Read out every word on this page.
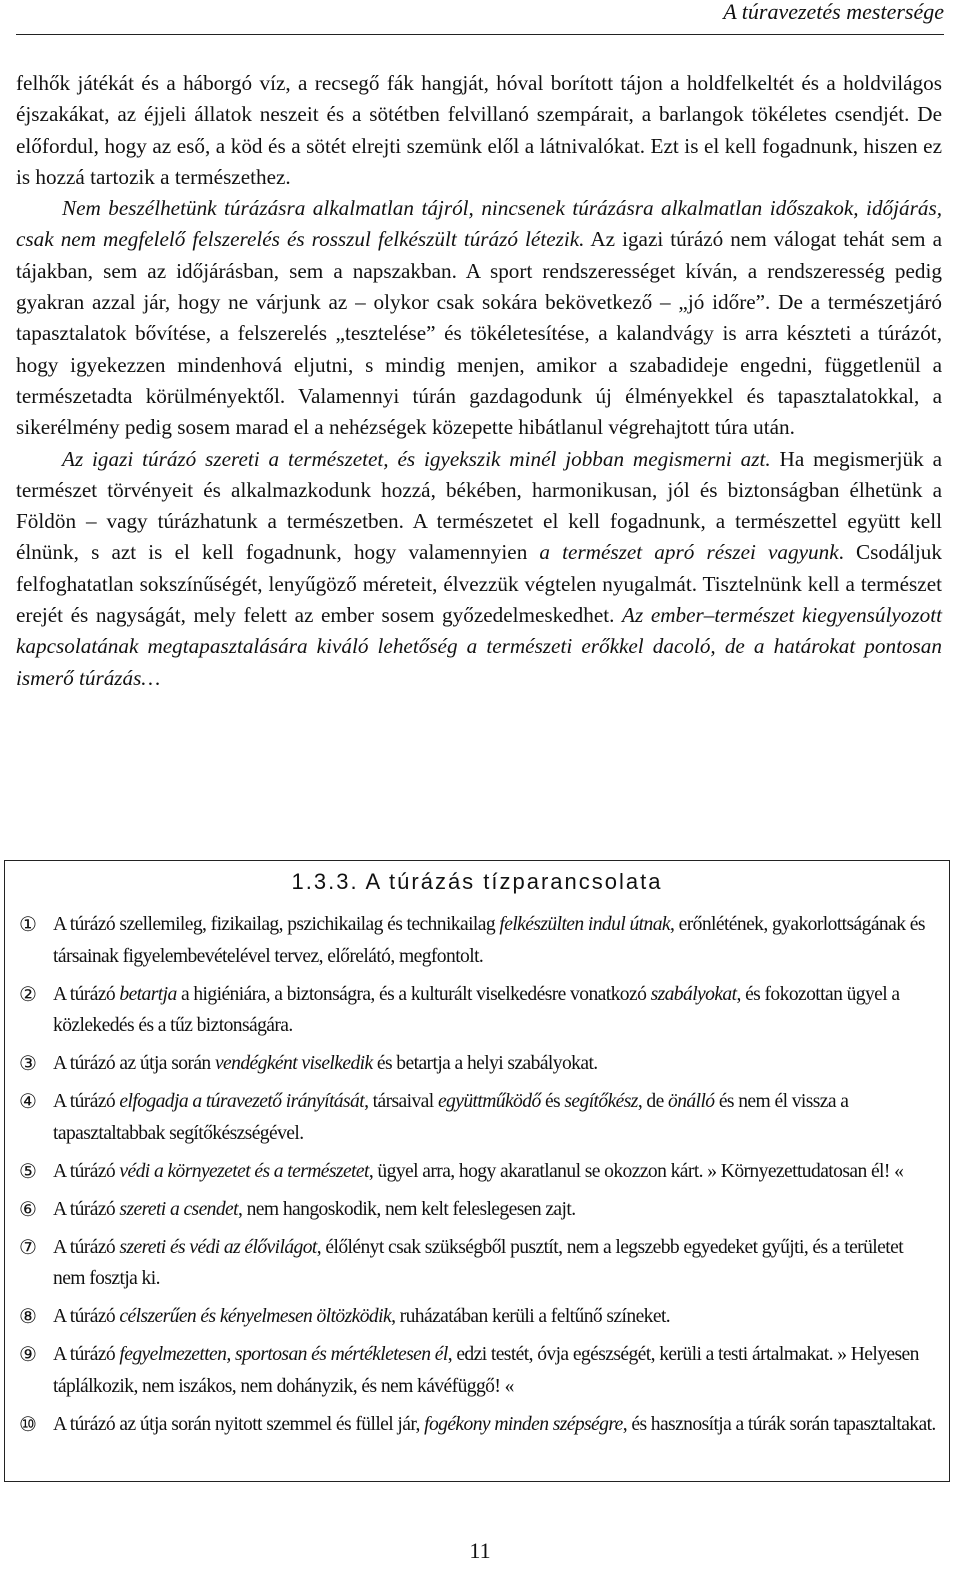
A túravezetés mestersége

felhők játékát és a háborgó víz, a recsegő fák hangját, hóval borított tájon a holdfelkeltét és a holdvilágos éjszakákat, az éjjeli állatok neszeit és a sötétben felvillanó szempárait, a barlangok tökéletes csendjét. De előfordul, hogy az eső, a köd és a sötét elrejti szemünk elől a látnivalókat. Ezt is el kell fogadnunk, hiszen ez is hozzá tartozik a természethez.

Nem beszélhetünk túrázásra alkalmatlan tájról, nincsenek túrázásra alkalmatlan időszakok, időjárás, csak nem megfelelő felszerelés és rosszul felkészült túrázó létezik. Az igazi túrázó nem válogat tehát sem a tájakban, sem az időjárásban, sem a napszakban. A sport rendszerességet kíván, a rendszeresség pedig gyakran azzal jár, hogy ne várjunk az – olykor csak sokára bekövetkező – „jó időre”. De a természetjáró tapasztalatok bővítése, a felszerelés „tesztelése” és tökéletesítése, a kalandvágy is arra készteti a túrázót, hogy igyekezzen mindenhová eljutni, s mindig menjen, amikor a szabadideje engedni, függetlenül a természetadta körülményektől. Valamennyi túrán gazdagodunk új élményekkel és tapasztalatokkal, a sikerélmény pedig sosem marad el a nehézségek közepette hibátlanul végrehajtott túra után.

Az igazi túrázó szereti a természetet, és igyekszik minél jobban megismerni azt. Ha megismerjük a természet törvényeit és alkalmazkodunk hozzá, békében, harmonikusan, jól és biztonságban élhetünk a Földön – vagy túrázhatunk a természetben. A természetet el kell fogadnunk, a természettel együtt kell élnünk, s azt is el kell fogadnunk, hogy valamennyien a természet apró részei vagyunk. Csodáljuk felfoghatatlan sokszínűségét, lenyűgöző méreteit, élvezzük végtelen nyugalmát. Tisztelnünk kell a természet erejét és nagyságát, mely felett az ember sosem győzedelmeskedhet. Az ember–természet kiegyensúlyozott kapcsolatának megtapasztalására kiváló lehetőség a természeti erőkkel dacoló, de a határokat pontosan ismerő túrázás…

1.3.3. A túrázás tízparancsolata
① A túrázó szellemileg, fizikailag, pszichikailag és technikailag felkészülten indul útnak, erőnlétének, gyakorlottságának és társainak figyelembevételével tervez, előrelátó, megfontolt.
② A túrázó betartja a higiéniára, a biztonságra, és a kulturált viselkedésre vonatkozó szabályokat, és fokozottan ügyel a közlekedés és a tűz biztonságára.
③ A túrázó az útja során vendégként viselkedik és betartja a helyi szabályokat.
④ A túrázó elfogadja a túravezető irányítását, társaival együttműködő és segítőkész, de önálló és nem él vissza a tapasztaltabbak segítőkészségével.
⑤ A túrázó védi a környezetet és a természetet, ügyel arra, hogy akaratlanul se okozzon kárt. » Környezettudatosan él! «
⑥ A túrázó szereti a csendet, nem hangoskodik, nem kelt feleslegesen zajt.
⑦ A túrázó szereti és védi az élővilágot, élőlényt csak szükségből pusztít, nem a legszebb egyedeket gyűjti, és a területet nem fosztja ki.
⑧ A túrázó célszerűen és kényelmesen öltözködik, ruházatában kerüli a feltűnő színeket.
⑨ A túrázó fegyelmezetten, sportosan és mértékletesen él, edzi testét, óvja egészségét, kerüli a testi ártalmakat. » Helyesen táplálkozik, nem iszákos, nem dohányzik, és nem kávéfüggő! «
⑩ A túrázó az útja során nyitott szemmel és füllel jár, fogékony minden szépségre, és hasznosítja a túrák során tapasztaltakat.
11
